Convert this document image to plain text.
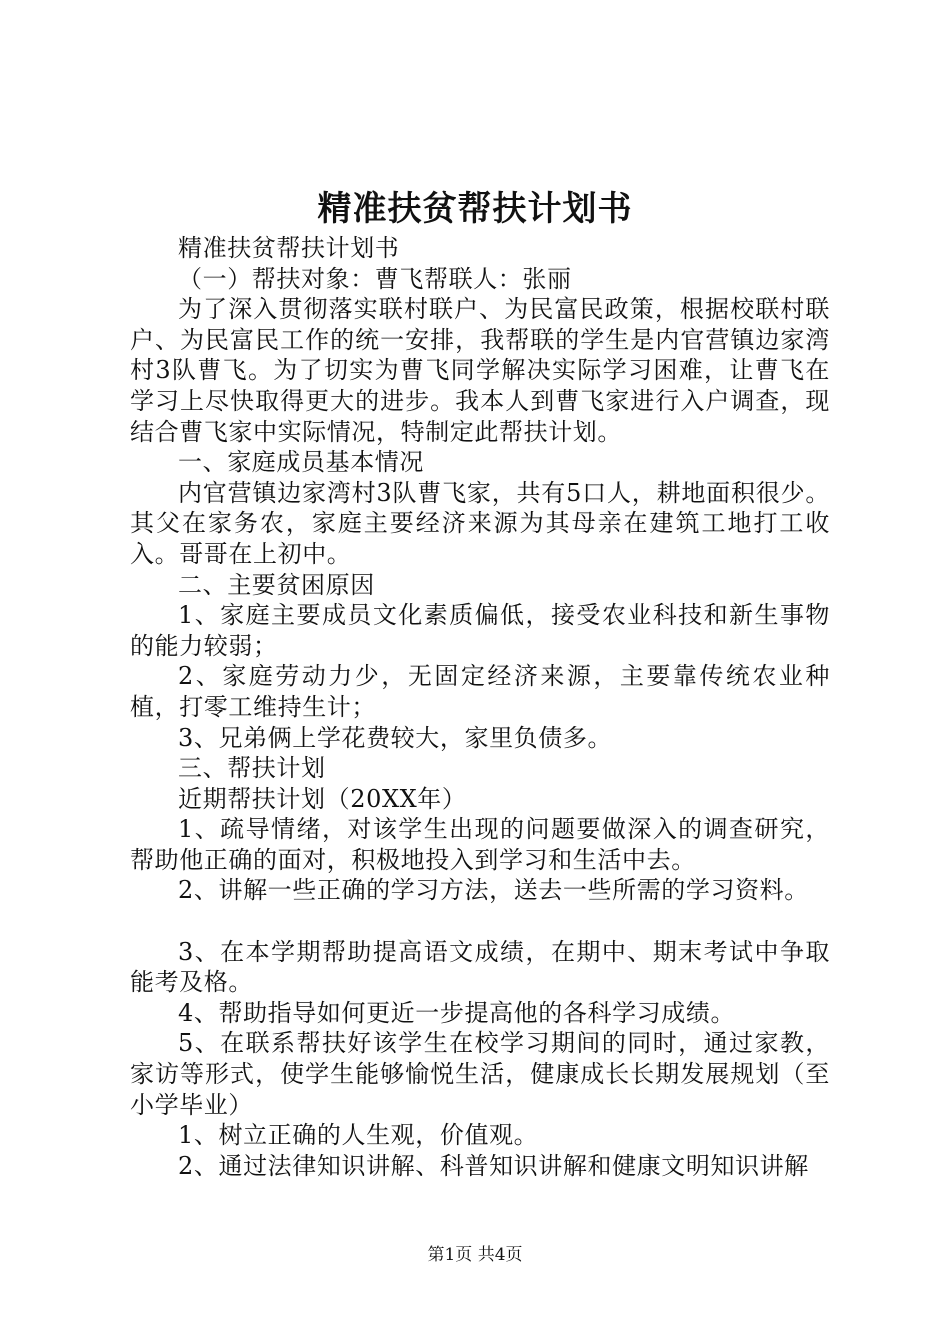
精准扶贫帮扶计划书

精准扶贫帮扶计划书

（一）帮扶对象：曹飞帮联人：张丽

为了深入贯彻落实联村联户、为民富民政策，根据校联村联户、为民富民工作的统一安排，我帮联的学生是内官营镇边家湾村3队曹飞。为了切实为曹飞同学解决实际学习困难，让曹飞在学习上尽快取得更大的进步。我本人到曹飞家进行入户调查，现结合曹飞家中实际情况，特制定此帮扶计划。

一、家庭成员基本情况

内官营镇边家湾村3队曹飞家，共有5口人，耕地面积很少。其父在家务农，家庭主要经济来源为其母亲在建筑工地打工收入。哥哥在上初中。

二、主要贫困原因

1、家庭主要成员文化素质偏低，接受农业科技和新生事物的能力较弱；

2、家庭劳动力少，无固定经济来源，主要靠传统农业种植，打零工维持生计；

3、兄弟俩上学花费较大，家里负债多。

三、帮扶计划

近期帮扶计划（20XX年）

1、疏导情绪，对该学生出现的问题要做深入的调查研究，帮助他正确的面对，积极地投入到学习和生活中去。

2、讲解一些正确的学习方法，送去一些所需的学习资料。

3、在本学期帮助提高语文成绩，在期中、期末考试中争取能考及格。

4、帮助指导如何更近一步提高他的各科学习成绩。

5、在联系帮扶好该学生在校学习期间的同时，通过家教，家访等形式，使学生能够愉悦生活，健康成长长期发展规划（至小学毕业）

1、树立正确的人生观，价值观。

2、通过法律知识讲解、科普知识讲解和健康文明知识讲解

第1页 共4页
